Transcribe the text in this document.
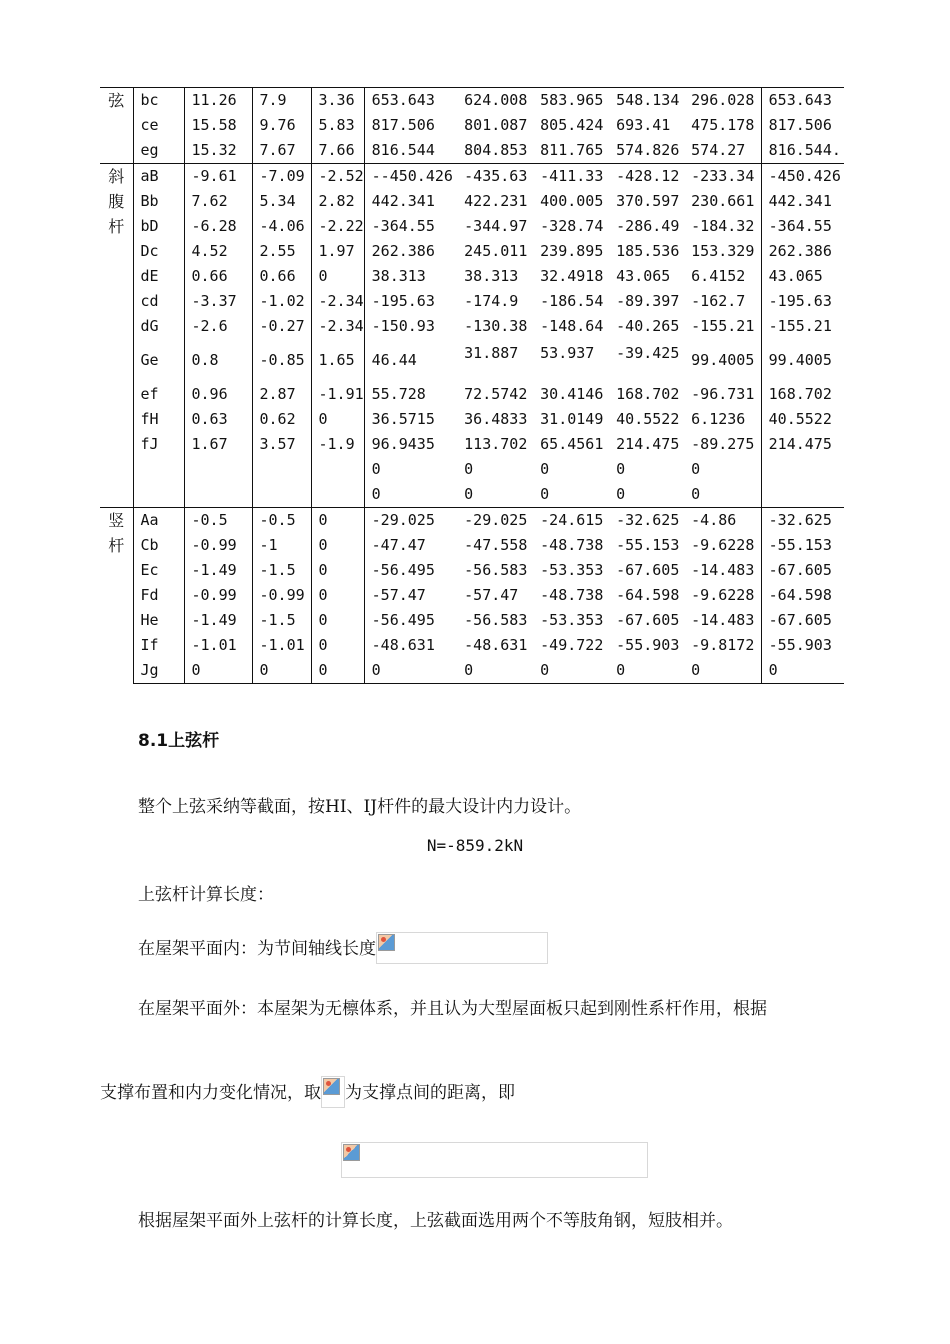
弦	bc	11.26	7.9	3.36	653.643	624.008	583.965	548.134	296.028	653.643
	ce	15.58	9.76	5.83	817.506	801.087	805.424	693.41	475.178	817.506
	eg	15.32	7.67	7.66	816.544	804.853	811.765	574.826	574.27	816.544.

斜
腹
杆	aB	-9.61	-7.09	-2.52	--450.426	-435.63	-411.33	-428.12	-233.34	-450.426
	Bb	7.62	5.34	2.82	442.341	422.231	400.005	370.597	230.661	442.341
	bD	-6.28	-4.06	-2.22	-364.55	-344.97	-328.74	-286.49	-184.32	-364.55
	Dc	4.52	2.55	1.97	262.386	245.011	239.895	185.536	153.329	262.386
	dE	0.66	0.66	0	38.313	38.313	32.4918	43.065	6.4152	43.065
	cd	-3.37	-1.02	-2.34	-195.63	-174.9	-186.54	-89.397	-162.7	-195.63
	dG	-2.6	-0.27	-2.34	-150.93	-130.38	-148.64	-40.265	-155.21	-155.21
	Ge	0.8	-0.85	1.65	46.44	31.887	53.937	-39.425	99.4005	99.4005
	ef	0.96	2.87	-1.91	55.728	72.5742	30.4146	168.702	-96.731	168.702
	fH	0.63	0.62	0	36.5715	36.4833	31.0149	40.5522	6.1236	40.5522
	fJ	1.67	3.57	-1.9	96.9435	113.702	65.4561	214.475	-89.275	214.475
					0	0	0	0	0	
					0	0	0	0	0	

竖
杆	Aa	-0.5	-0.5	0	-29.025	-29.025	-24.615	-32.625	-4.86	-32.625
	Cb	-0.99	-1	0	-47.47	-47.558	-48.738	-55.153	-9.6228	-55.153
	Ec	-1.49	-1.5	0	-56.495	-56.583	-53.353	-67.605	-14.483	-67.605
	Fd	-0.99	-0.99	0	-57.47	-57.47	-48.738	-64.598	-9.6228	-64.598
	He	-1.49	-1.5	0	-56.495	-56.583	-53.353	-67.605	-14.483	-67.605
	If	-1.01	-1.01	0	-48.631	-48.631	-49.722	-55.903	-9.8172	-55.903
	Jg	0	0	0	0	0	0	0	0	0
8.1上弦杆
整个上弦采纳等截面，按HI、IJ杆件的最大设计内力设计。
N=-859.2kN
上弦杆计算长度：
在屋架平面内：为节间轴线长度
在屋架平面外：本屋架为无檩体系，并且认为大型屋面板只起到刚性系杆作用，根据
支撑布置和内力变化情况，取 为支撑点间的距离，即
根据屋架平面外上弦杆的计算长度，上弦截面选用两个不等肢角钢，短肢相并。
